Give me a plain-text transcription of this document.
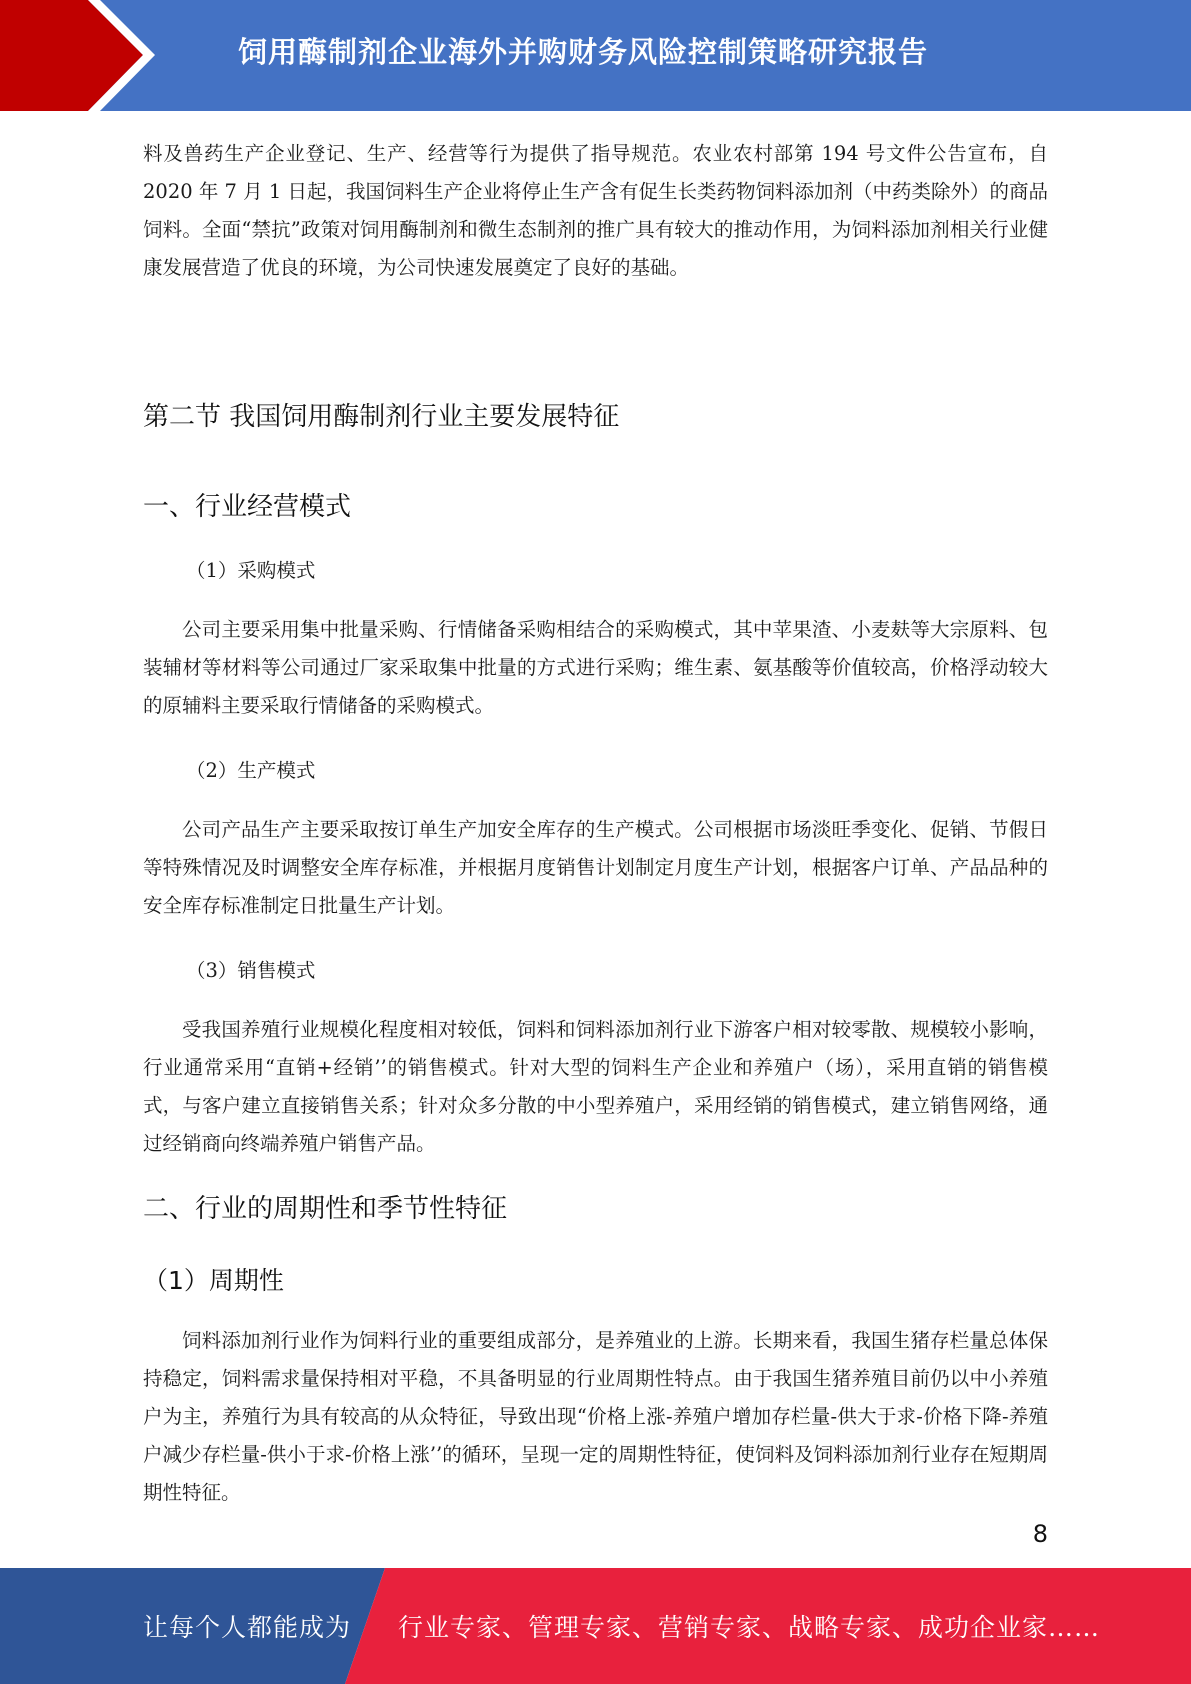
饲用酶制剂企业海外并购财务风险控制策略研究报告

料及兽药生产企业登记、生产、经营等行为提供了指导规范。农业农村部第 194 号文件公告宣布，自 2020 年 7 月 1 日起，我国饲料生产企业将停止生产含有促生长类药物饲料添加剂（中药类除外）的商品饲料。全面“禁抗”政策对饲用酶制剂和微生态制剂的推广具有较大的推动作用，为饲料添加剂相关行业健康发展营造了优良的环境，为公司快速发展奠定了良好的基础。

第二节 我国饲用酶制剂行业主要发展特征
一、行业经营模式
（1）采购模式

公司主要采用集中批量采购、行情储备采购相结合的采购模式，其中苹果渣、小麦麸等大宗原料、包装辅材等材料等公司通过厂家采取集中批量的方式进行采购；维生素、氨基酸等价值较高，价格浮动较大的原辅料主要采取行情储备的采购模式。

（2）生产模式

公司产品生产主要采取按订单生产加安全库存的生产模式。公司根据市场淡旺季变化、促销、节假日等特殊情况及时调整安全库存标准，并根据月度销售计划制定月度生产计划，根据客户订单、产品品种的安全库存标准制定日批量生产计划。

（3）销售模式

受我国养殖行业规模化程度相对较低，饲料和饲料添加剂行业下游客户相对较零散、规模较小影响，行业通常采用“直销+经销’’的销售模式。针对大型的饲料生产企业和养殖户（场），采用直销的销售模式，与客户建立直接销售关系；针对众多分散的中小型养殖户，采用经销的销售模式，建立销售网络，通过经销商向终端养殖户销售产品。

二、行业的周期性和季节性特征
（1）周期性

饲料添加剂行业作为饲料行业的重要组成部分，是养殖业的上游。长期来看，我国生猪存栏量总体保持稳定，饲料需求量保持相对平稳，不具备明显的行业周期性特点。由于我国生猪养殖目前仍以中小养殖户为主，养殖行为具有较高的从众特征，导致出现“价格上涨-养殖户增加存栏量-供大于求-价格下降-养殖户减少存栏量-供小于求-价格上涨’’的循环，呈现一定的周期性特征，使饲料及饲料添加剂行业存在短期周期性特征。

8
让每个人都能成为 行业专家、管理专家、营销专家、战略专家、成功企业家……
